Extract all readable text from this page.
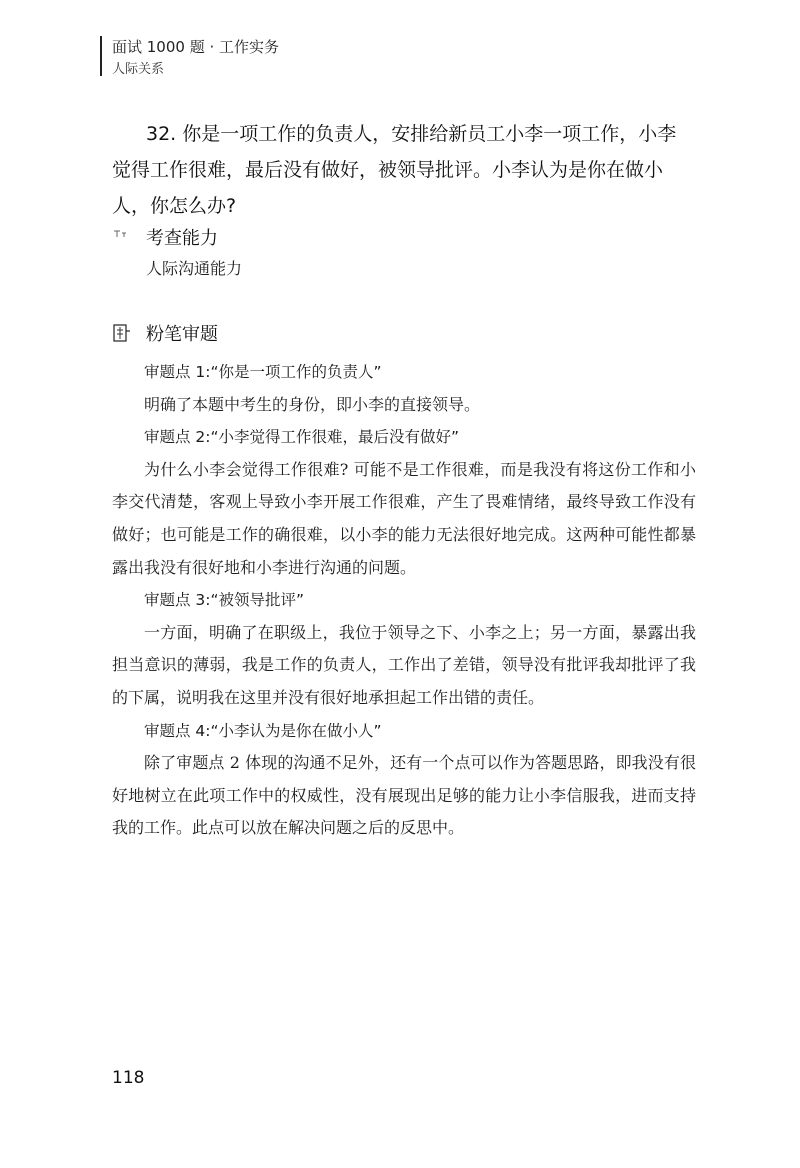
面试 1000 题 · 工作实务
人际关系
32. 你是一项工作的负责人，安排给新员工小李一项工作，小李觉得工作很难，最后没有做好，被领导批评。小李认为是你在做小人，你怎么办?
考查能力
人际沟通能力
粉笔审题

审题点 1:“你是一项工作的负责人”

明确了本题中考生的身份，即小李的直接领导。

审题点 2:“小李觉得工作很难，最后没有做好”

为什么小李会觉得工作很难? 可能不是工作很难，而是我没有将这份工作和小李交代清楚，客观上导致小李开展工作很难，产生了畏难情绪，最终导致工作没有做好；也可能是工作的确很难，以小李的能力无法很好地完成。这两种可能性都暴露出我没有很好地和小李进行沟通的问题。

审题点 3:“被领导批评”

一方面，明确了在职级上，我位于领导之下、小李之上；另一方面，暴露出我担当意识的薄弱，我是工作的负责人，工作出了差错，领导没有批评我却批评了我的下属，说明我在这里并没有很好地承担起工作出错的责任。

审题点 4:“小李认为是你在做小人”

除了审题点 2 体现的沟通不足外，还有一个点可以作为答题思路，即我没有很好地树立在此项工作中的权威性，没有展现出足够的能力让小李信服我，进而支持我的工作。此点可以放在解决问题之后的反思中。

118
